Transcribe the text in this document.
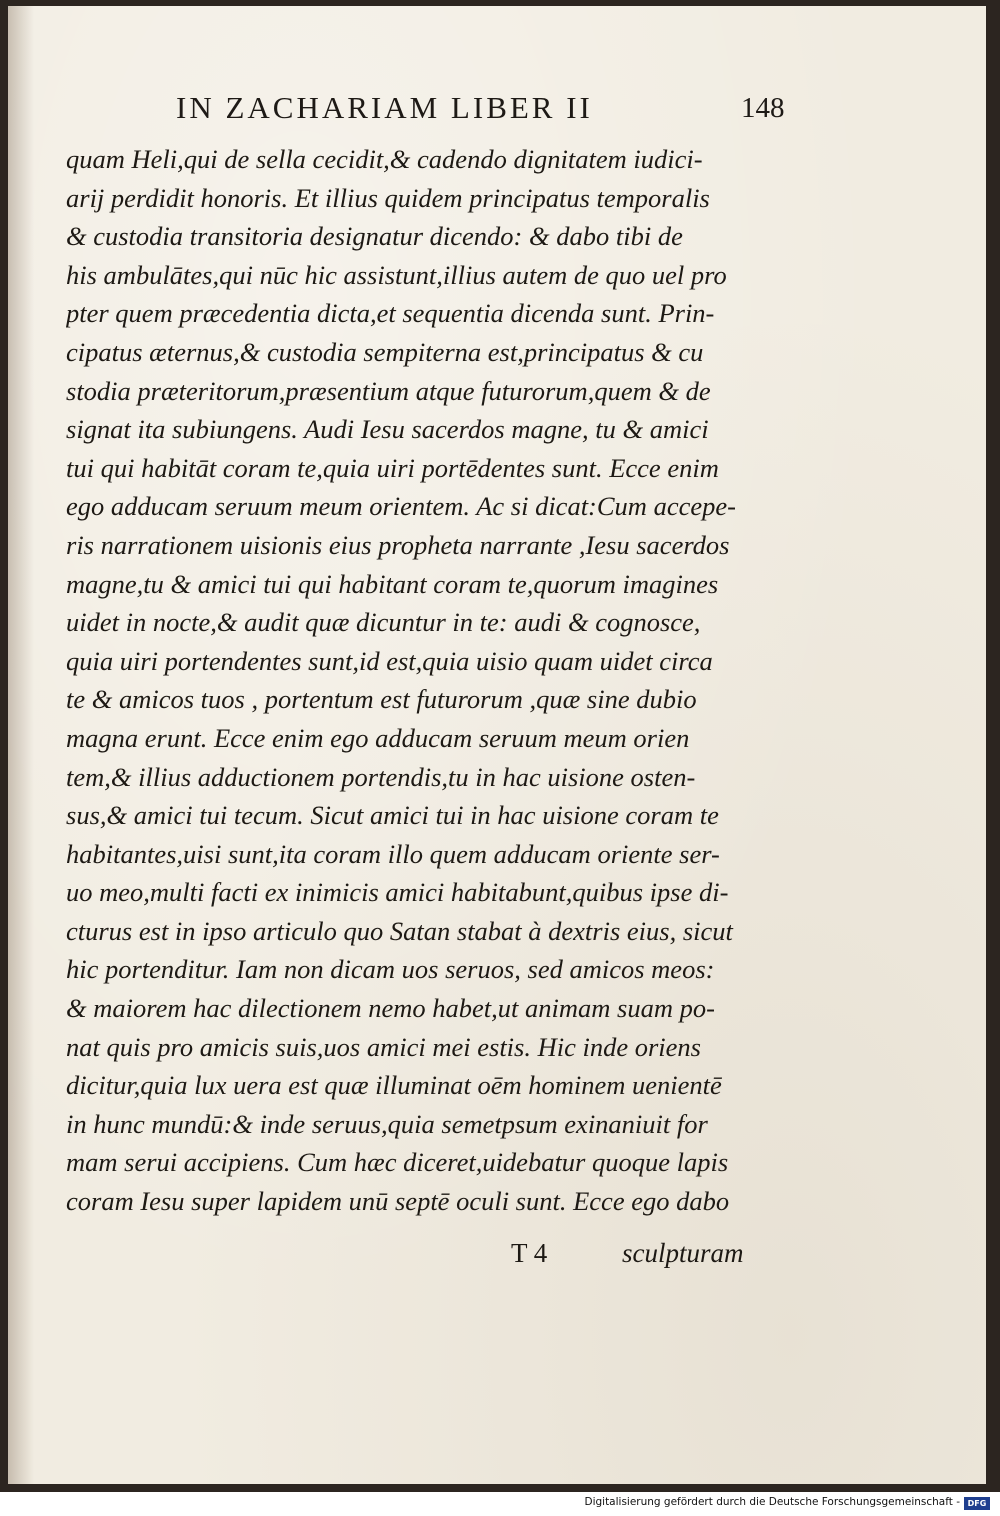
IN ZACHARIAM LIBER II	148
quam Heli,qui de sella cecidit,& cadendo dignitatem iudici-
arij perdidit honoris. Et illius quidem principatus temporalis
& custodia transitoria designatur dicendo: & dabo tibi de
his ambulātes,qui nūc hic assistunt,illius autem de quo uel pro
pter quem præcedentia dicta,et sequentia dicenda sunt. Prin-
cipatus æternus,& custodia sempiterna est,principatus & cu
stodia præteritorum,præsentium atque futurorum,quem & de
signat ita subiungens. Audi Iesu sacerdos magne, tu & amici
tui qui habitāt coram te,quia uiri portēdentes sunt. Ecce enim
ego adducam seruum meum orientem. Ac si dicat:Cum accepe-
ris narrationem uisionis eius propheta narrante ,Iesu sacerdos
magne,tu & amici tui qui habitant coram te,quorum imagines
uidet in nocte,& audit quæ dicuntur in te: audi & cognosce,
quia uiri portendentes sunt,id est,quia uisio quam uidet circa
te & amicos tuos , portentum est futurorum ,quæ sine dubio
magna erunt. Ecce enim ego adducam seruum meum orien
tem,& illius adductionem portendis,tu in hac uisione osten-
sus,& amici tui tecum. Sicut amici tui in hac uisione coram te
habitantes,uisi sunt,ita coram illo quem adducam oriente ser-
uo meo,multi facti ex inimicis amici habitabunt,quibus ipse di-
cturus est in ipso articulo quo Satan stabat à dextris eius, sicut
hic portenditur. Iam non dicam uos seruos, sed amicos meos:
& maiorem hac dilectionem nemo habet,ut animam suam po-
nat quis pro amicis suis,uos amici mei estis. Hic inde oriens
dicitur,quia lux uera est quæ illuminat oēm hominem uenientē
in hunc mundū:& inde seruus,quia semetpsum exinaniuit for
mam serui accipiens. Cum hæc diceret,uidebatur quoque lapis
coram Iesu super lapidem unū septē oculi sunt. Ecce ego dabo
T 4	sculpturam
Digitalisierung gefördert durch die Deutsche Forschungsgemeinschaft - DFG
